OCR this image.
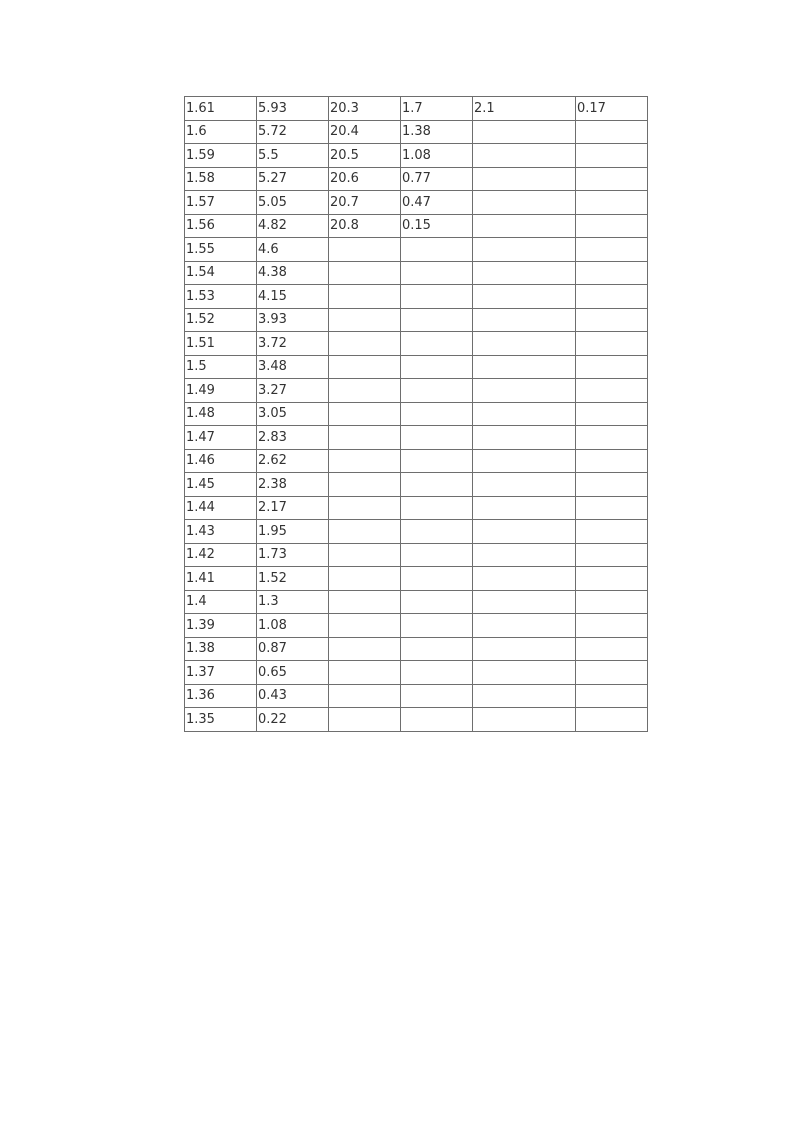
1.61	5.93	20.3	1.7	2.1	0.17
1.6	5.72	20.4	1.38		
1.59	5.5	20.5	1.08		
1.58	5.27	20.6	0.77		
1.57	5.05	20.7	0.47		
1.56	4.82	20.8	0.15		
1.55	4.6				
1.54	4.38				
1.53	4.15				
1.52	3.93				
1.51	3.72				
1.5	3.48				
1.49	3.27				
1.48	3.05				
1.47	2.83				
1.46	2.62				
1.45	2.38				
1.44	2.17				
1.43	1.95				
1.42	1.73				
1.41	1.52				
1.4	1.3				
1.39	1.08				
1.38	0.87				
1.37	0.65				
1.36	0.43				
1.35	0.22				
